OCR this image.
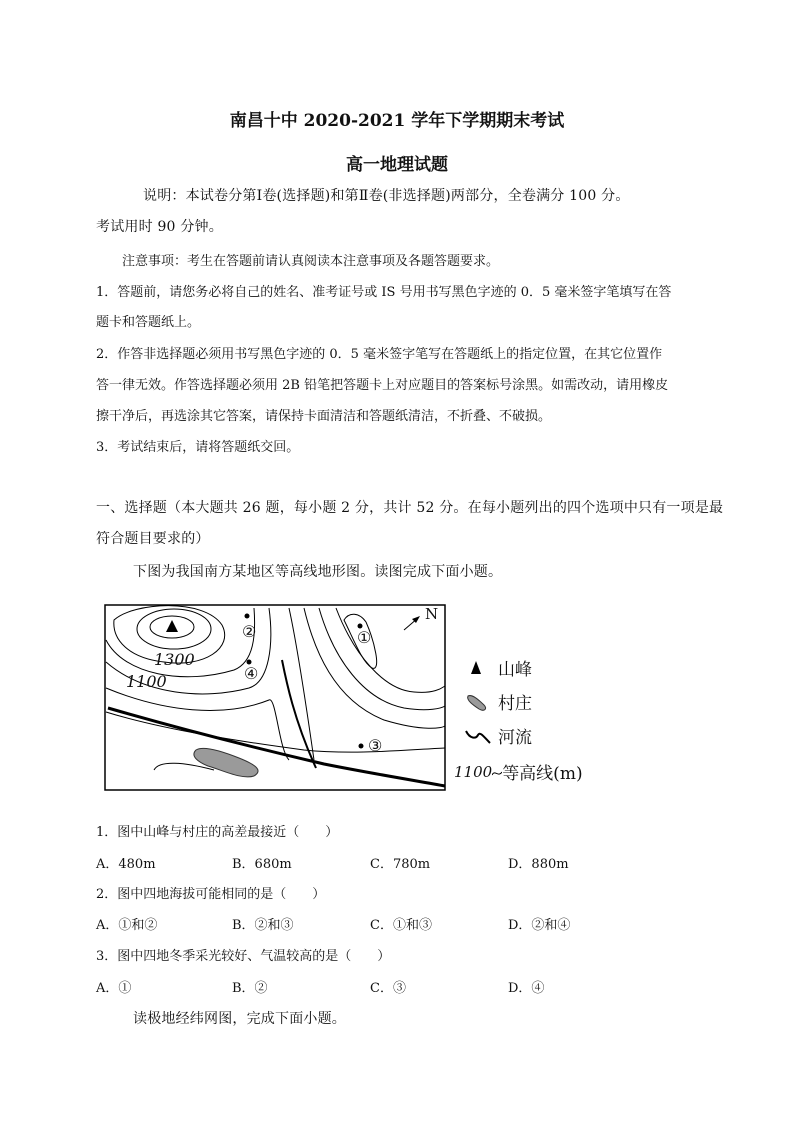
南昌十中 2020-2021 学年下学期期末考试
高一地理试题
说明：本试卷分第Ⅰ卷(选择题)和第Ⅱ卷(非选择题)两部分，全卷满分 100 分。
考试用时 90 分钟。
注意事项：考生在答题前请认真阅读本注意事项及各题答题要求。
1．答题前，请您务必将自己的姓名、准考证号或 IS 号用书写黑色字迹的 0．5 毫米签字笔填写在答
题卡和答题纸上。
2．作答非选择题必须用书写黑色字迹的 0．5 毫米签字笔写在答题纸上的指定位置，在其它位置作
答一律无效。作答选择题必须用 2B 铅笔把答题卡上对应题目的答案标号涂黑。如需改动，请用橡皮
擦干净后，再选涂其它答案，请保持卡面清洁和答题纸清洁，不折叠、不破损。
3．考试结束后，请将答题纸交回。
一、选择题（本大题共 26 题，每小题 2 分，共计 52 分。在每小题列出的四个选项中只有一项是最
符合题目要求的）
下图为我国南方某地区等高线地形图。读图完成下面小题。
1300
1100
N
②
④
①
③
山峰
村庄
河流
1100 等高线(m)
1．图中山峰与村庄的高差最接近（　　）
A．480m	B．680m	C．780m	D．880m
2．图中四地海拔可能相同的是（　　）
A．①和②	B．②和③	C．①和③	D．②和④
3．图中四地冬季采光较好、气温较高的是（　　）
A．①	B．②	C．③	D．④
读极地经纬网图，完成下面小题。
